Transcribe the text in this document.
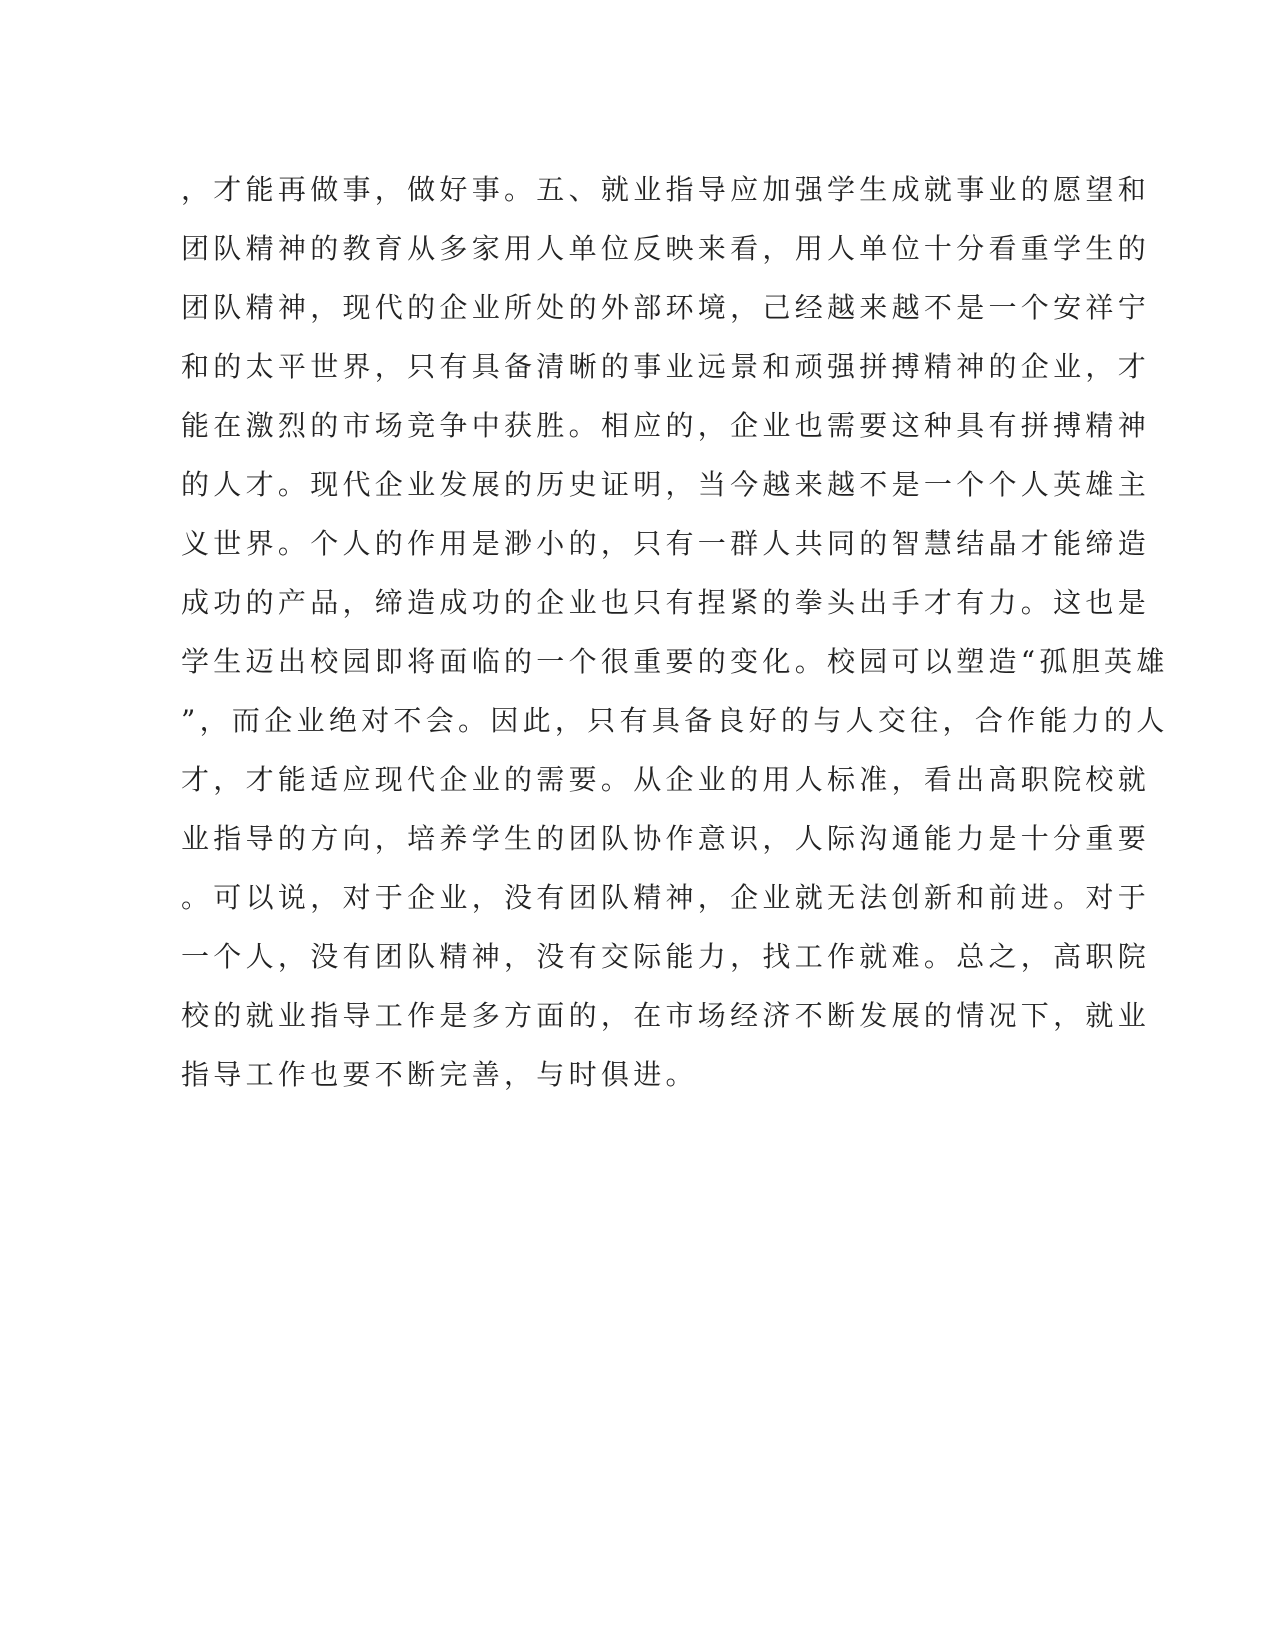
，才能再做事，做好事。五、就业指导应加强学生成就事业的愿望和
团队精神的教育从多家用人单位反映来看，用人单位十分看重学生的
团队精神，现代的企业所处的外部环境，己经越来越不是一个安祥宁
和的太平世界，只有具备清晰的事业远景和顽强拼搏精神的企业，才
能在激烈的市场竞争中获胜。相应的，企业也需要这种具有拼搏精神
的人才。现代企业发展的历史证明，当今越来越不是一个个人英雄主
义世界。个人的作用是渺小的，只有一群人共同的智慧结晶才能缔造
成功的产品，缔造成功的企业也只有捏紧的拳头出手才有力。这也是
学生迈出校园即将面临的一个很重要的变化。校园可以塑造“孤胆英雄
”，而企业绝对不会。因此，只有具备良好的与人交往，合作能力的人
才，才能适应现代企业的需要。从企业的用人标准，看出高职院校就
业指导的方向，培养学生的团队协作意识，人际沟通能力是十分重要
。可以说，对于企业，没有团队精神，企业就无法创新和前进。对于
一个人，没有团队精神，没有交际能力，找工作就难。总之，高职院
校的就业指导工作是多方面的，在市场经济不断发展的情况下，就业
指导工作也要不断完善，与时俱进。
